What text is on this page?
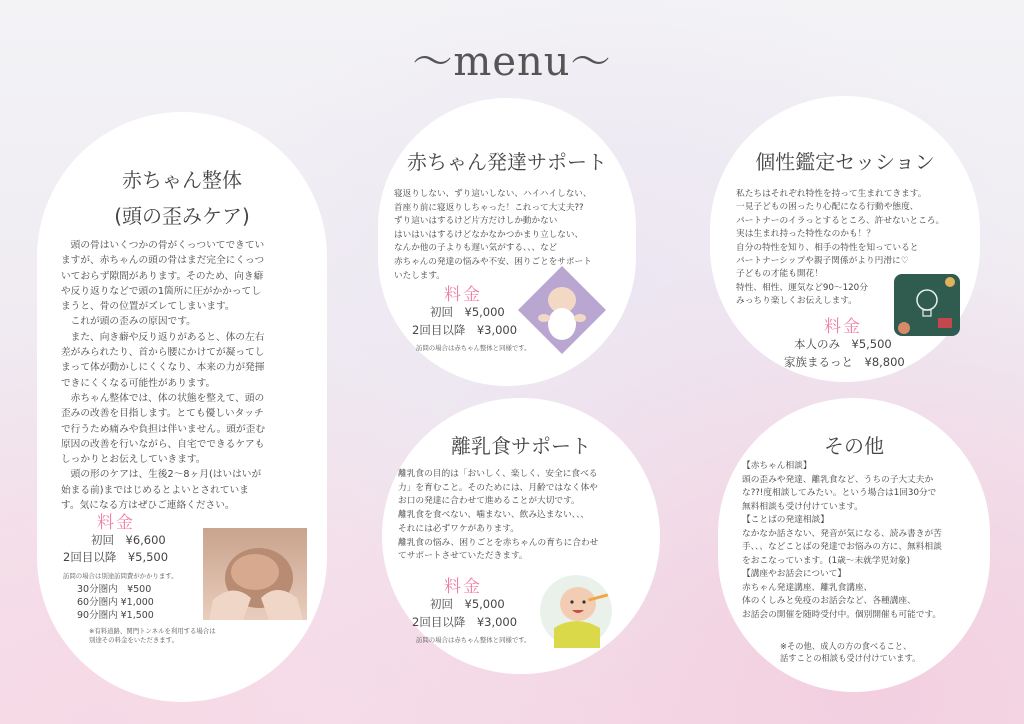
〜menu〜
赤ちゃん整体
(頭の歪みケア)
　頭の骨はいくつかの骨がくっついてできてい
ますが、赤ちゃんの頭の骨はまだ完全にくっつ
いておらず隙間があります。そのため、向き癖
や反り返りなどで頭の1箇所に圧がかかってし
まうと、骨の位置がズレてしまいます。
　これが頭の歪みの原因です。
　また、向き癖や反り返りがあると、体の左右
差がみられたり、首から腰にかけてが凝ってし
まって体が動かしにくくなり、本来の力が発揮
できにくくなる可能性があります。
　赤ちゃん整体では、体の状態を整えて、頭の
歪みの改善を目指します。とても優しいタッチ
で行うため痛みや負担は伴いません。頭が歪む
原因の改善を行いながら、自宅でできるケアも
しっかりとお伝えしていきます。
　頭の形のケアは、生後2〜8ヶ月(はいはいが
始まる前)まではじめるとよいとされていま
す。気になる方はぜひご連絡ください。
料金
初回　¥6,600
2回目以降　¥5,500
訪問の場合は別途訪問費がかかります。
30分圏内　¥500
60分圏内 ¥1,000
90分圏内 ¥1,500
※有料道路、関門トンネルを利用する場合は
別途その料金をいただきます。
赤ちゃん発達サポート
寝返りしない、ずり這いしない、ハイハイしない、
首座り前に寝返りしちゃった！これって大丈夫??
ずり這いはするけど片方だけしか動かない
はいはいはするけどなかなかつかまり立しない、
なんか他の子よりも遅い気がする、、、など
赤ちゃんの発達の悩みや不安、困りごとをサポート
いたします。
料金
初回　¥5,000
2回目以降　¥3,000
訪問の場合は赤ちゃん整体と同様です。
個性鑑定セッション
私たちはそれぞれ特性を持って生まれてきます。
一見子どもの困ったり心配になる行動や態度、
パートナーのイラっとするところ、許せないところ。
実は生まれ持った特性なのかも！？
自分の特性を知り、相手の特性を知っていると
パートナーシップや親子関係がより円滑に♡
子どもの才能も開花！
特性、相性、運気など90〜120分
みっちり楽しくお伝えします。
料金
本人のみ　¥5,500
家族まるっと　¥8,800
離乳食サポート
離乳食の目的は「おいしく、楽しく、安全に食べる
力」を育むこと。そのためには、月齢ではなく体や
お口の発達に合わせて進めることが大切です。
離乳食を食べない、噛まない、飲み込まない、、、
それには必ずワケがあります。
離乳食の悩み、困りごとを赤ちゃんの育ちに合わせ
てサポートさせていただきます。
料金
初回　¥5,000
2回目以降　¥3,000
訪問の場合は赤ちゃん整体と同様です。
その他
【赤ちゃん相談】
頭の歪みや発達、離乳食など、うちの子大丈夫か
な??!度相談してみたい。という場合は1回30分で
無料相談も受け付けています。
【ことばの発達相談】
なかなか話さない、発音が気になる、読み書きが苦
手、、、などことばの発達でお悩みの方に、無料相談
をおこなっています。(1歳〜未就学児対象)
【講座やお話会について】
赤ちゃん発達講座、離乳食講座、
体のくしみと免疫のお話会など、各種講座、
お話会の開催を随時受付中。個別開催も可能です。
※その他、成人の方の食べること、
話すことの相談も受け付けています。
